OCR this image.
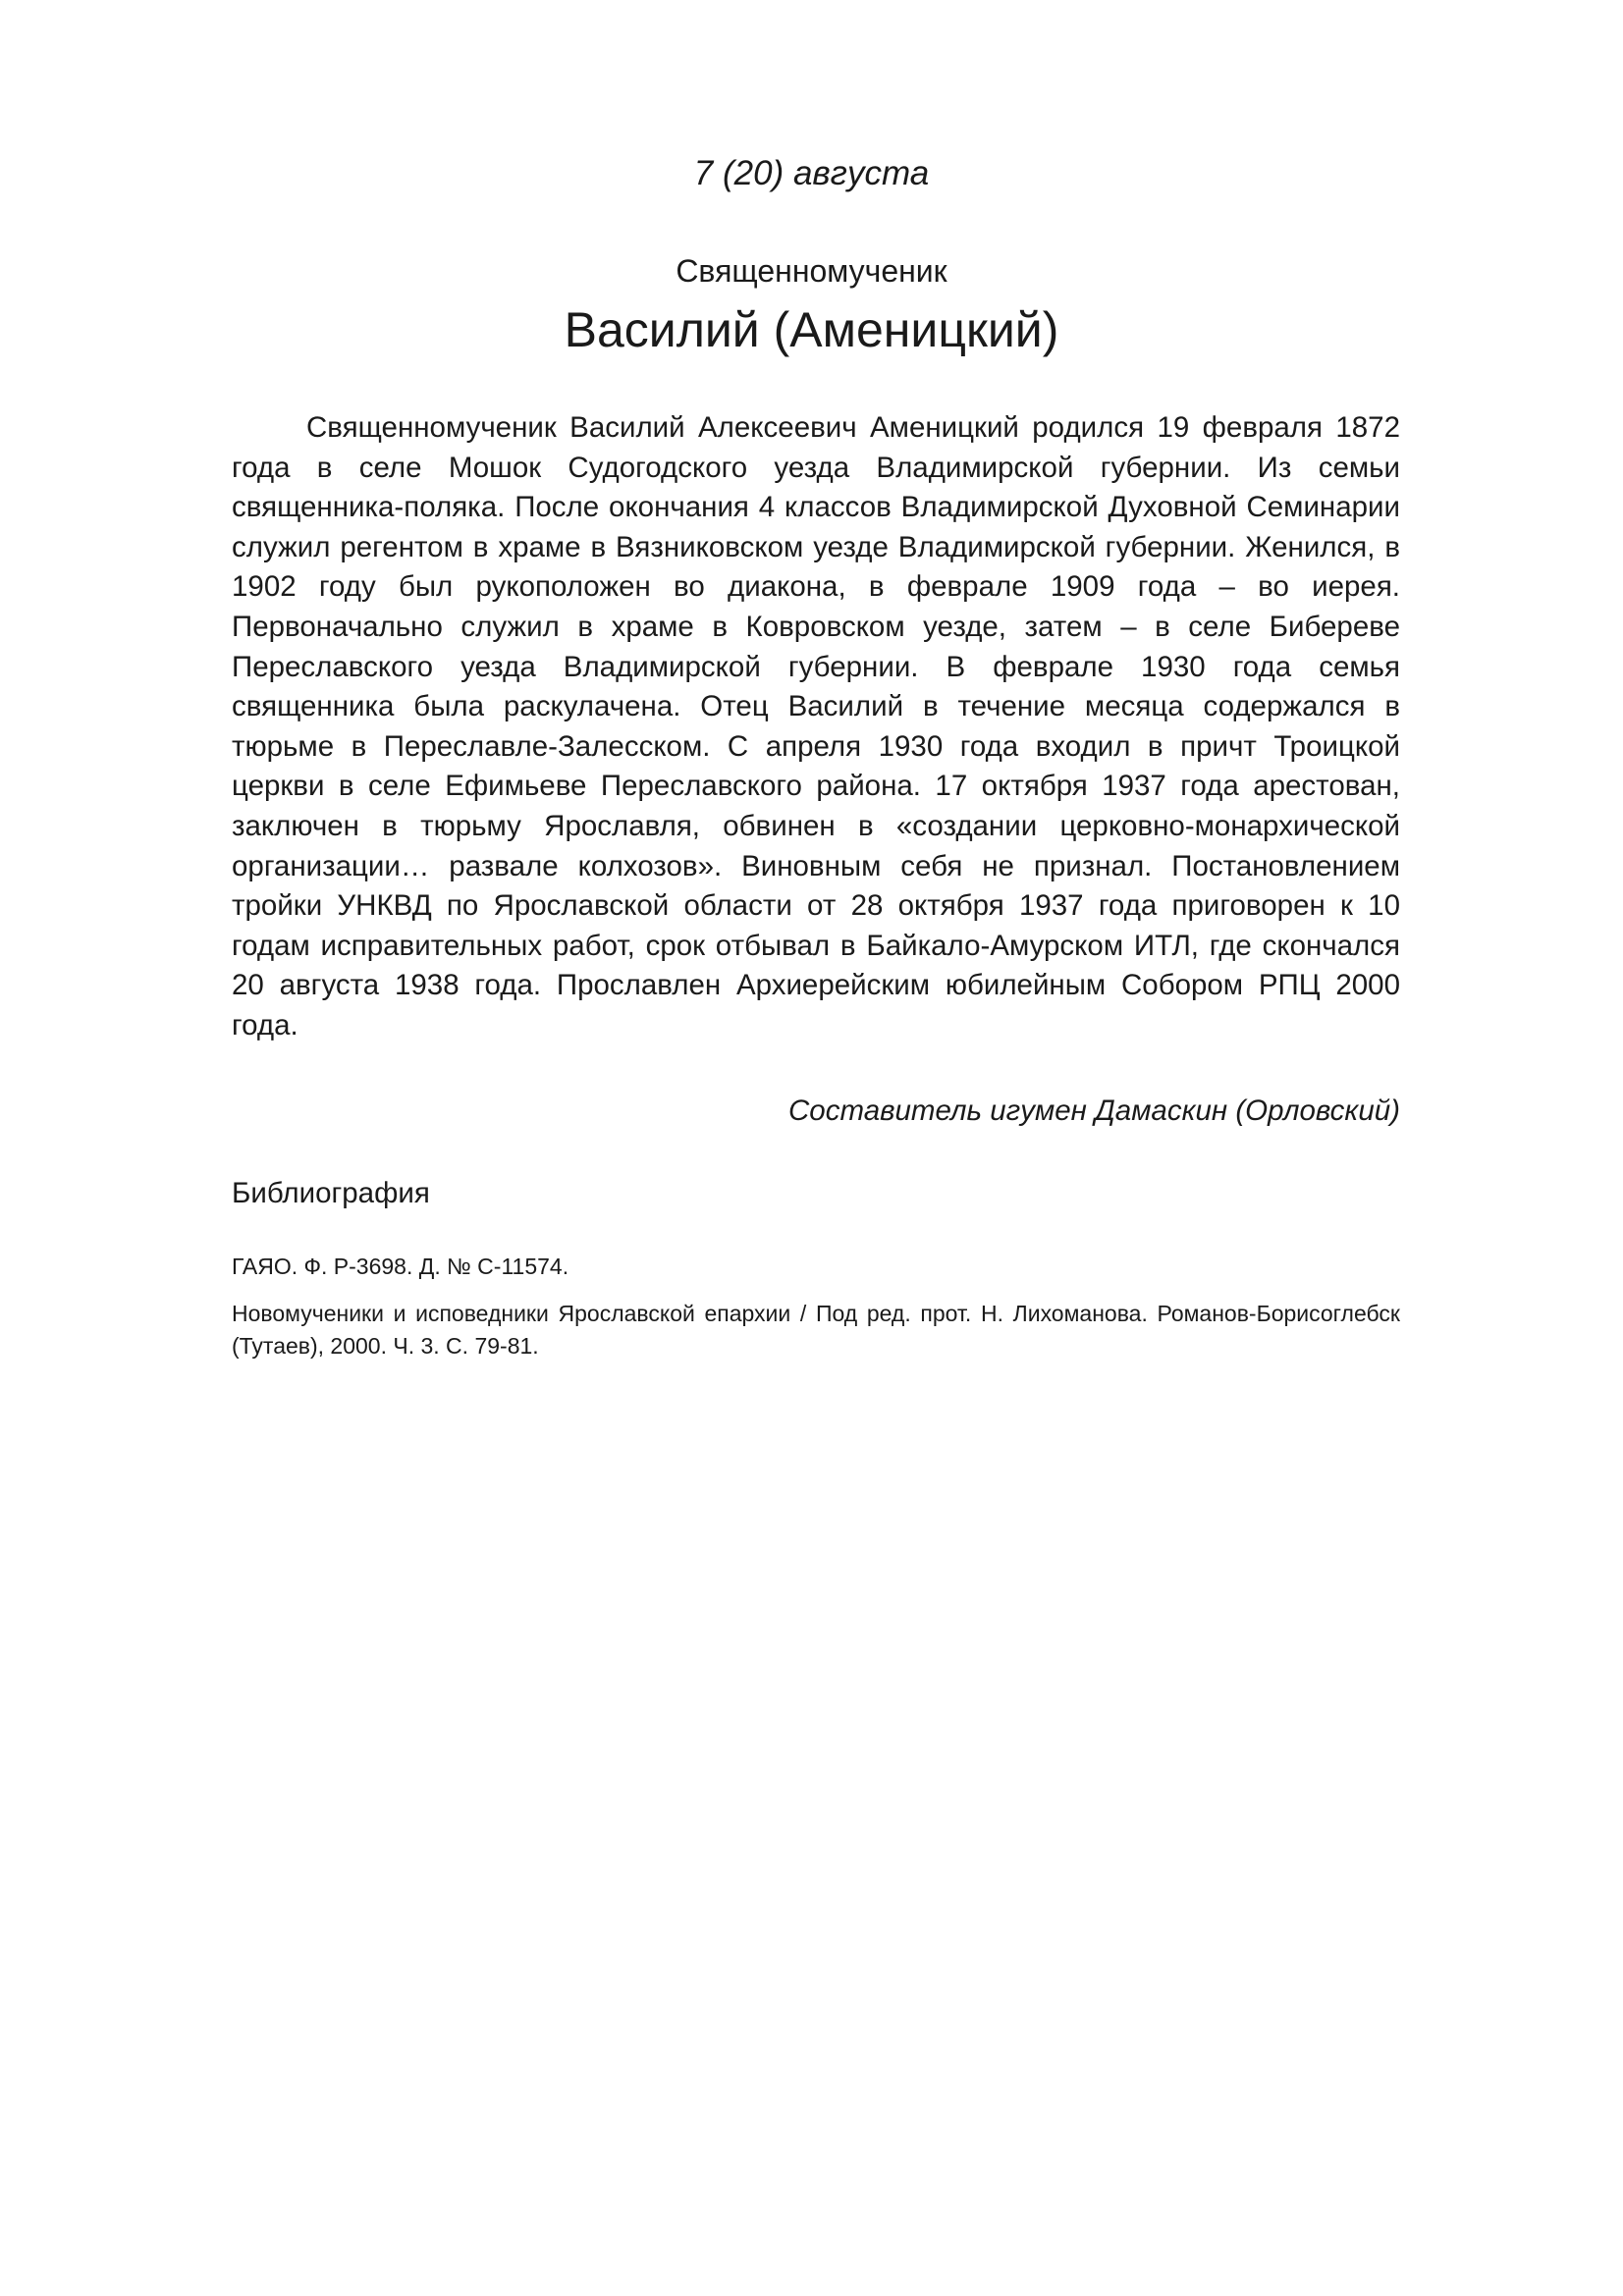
7 (20) августа
Священномученик
Василий (Аменицкий)

Священномученик Василий Алексеевич Аменицкий родился 19 февраля 1872 года в селе Мошок Судогодского уезда Владимирской губернии. Из семьи священника-поляка. После окончания 4 классов Владимирской Духовной Семинарии служил регентом в храме в Вязниковском уезде Владимирской губернии. Женился, в 1902 году был рукоположен во диакона, в феврале 1909 года – во иерея. Первоначально служил в храме в Ковровском уезде, затем – в селе Бибереве Переславского уезда Владимирской губернии. В феврале 1930 года семья священника была раскулачена. Отец Василий в течение месяца содержался в тюрьме в Переславле-Залесском. С апреля 1930 года входил в причт Троицкой церкви в селе Ефимьеве Переславского района. 17 октября 1937 года арестован, заключен в тюрьму Ярославля, обвинен в «создании церковно-монархической организации… развале колхозов». Виновным себя не признал. Постановлением тройки УНКВД по Ярославской области от 28 октября 1937 года приговорен к 10 годам исправительных работ, срок отбывал в Байкало-Амурском ИТЛ, где скончался 20 августа 1938 года. Прославлен Архиерейским юбилейным Собором РПЦ 2000 года.

Составитель игумен Дамаскин (Орловский)
Библиография
ГАЯО. Ф. Р-3698. Д. № С-11574.
Новомученики и исповедники Ярославской епархии / Под ред. прот. Н. Лихоманова. Романов-Борисоглебск (Тутаев), 2000. Ч. 3. С. 79-81.
